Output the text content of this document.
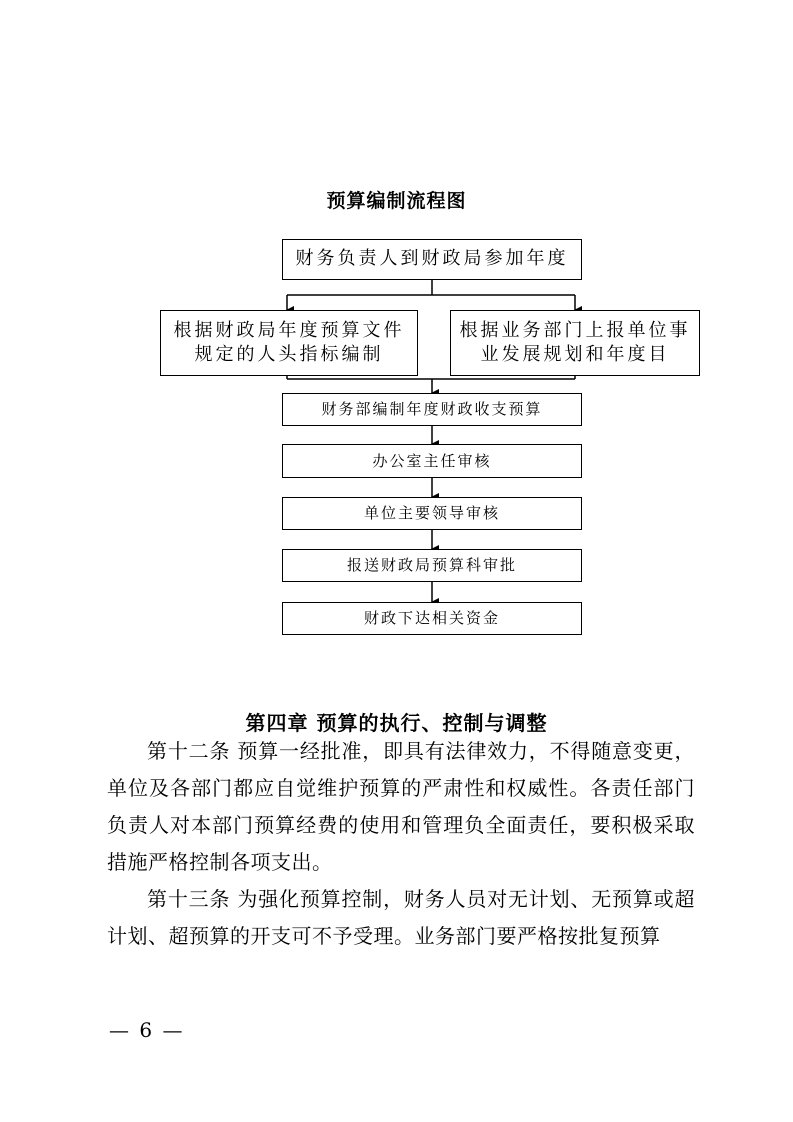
预算编制流程图
财务负责人到财政局参加年度
根据财政局年度预算文件规定的人头指标编制
根据业务部门上报单位事业发展规划和年度目
财务部编制年度财政收支预算
办公室主任审核
单位主要领导审核
报送财政局预算科审批
财政下达相关资金
第四章 预算的执行、控制与调整
第十二条 预算一经批准，即具有法律效力，不得随意变更，单位及各部门都应自觉维护预算的严肃性和权威性。各责任部门负责人对本部门预算经费的使用和管理负全面责任，要积极采取措施严格控制各项支出。
第十三条 为强化预算控制，财务人员对无计划、无预算或超计划、超预算的开支可不予受理。业务部门要严格按批复预算
— 6 —
